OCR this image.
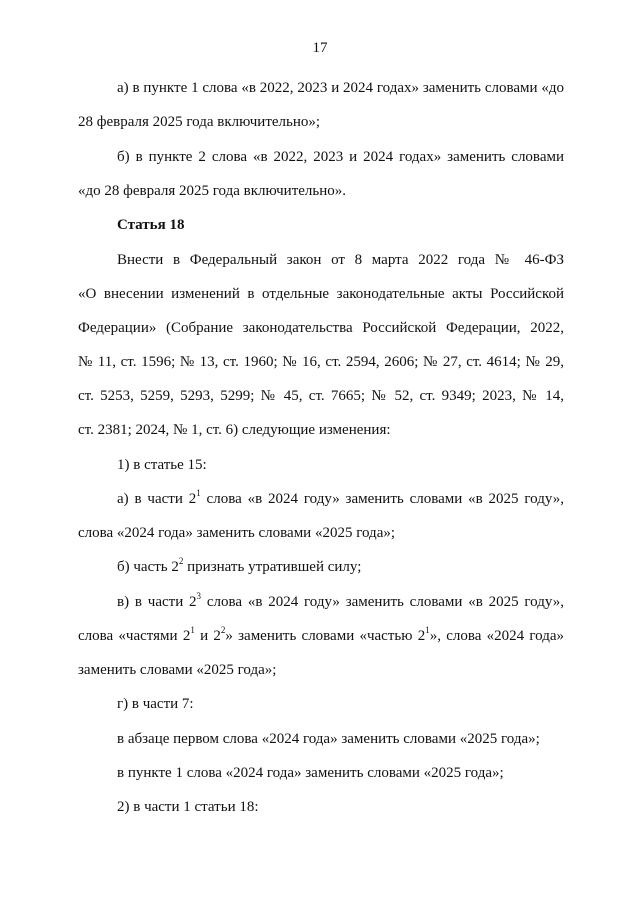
17
а) в пункте 1 слова «в 2022, 2023 и 2024 годах» заменить словами «до
28 февраля 2025 года включительно»;
б) в пункте 2 слова «в 2022, 2023 и 2024 годах» заменить словами
«до 28 февраля 2025 года включительно».
Статья 18
Внести в Федеральный закон от 8 марта 2022 года № 46-ФЗ
«О внесении изменений в отдельные законодательные акты Российской
Федерации» (Собрание законодательства Российской Федерации, 2022,
№ 11, ст. 1596; № 13, ст. 1960; № 16, ст. 2594, 2606; № 27, ст. 4614; № 29,
ст. 5253, 5259, 5293, 5299; № 45, ст. 7665; № 52, ст. 9349; 2023, № 14,
ст. 2381; 2024, № 1, ст. 6) следующие изменения:
1) в статье 15:
а) в части $2^1$ слова «в 2024 году» заменить словами «в 2025 году»,
слова «2024 года» заменить словами «2025 года»;
б) часть $2^2$ признать утратившей силу;
в) в части $2^3$ слова «в 2024 году» заменить словами «в 2025 году»,
слова «частями $2^1$ и $2^2$» заменить словами «частью $2^1$», слова «2024 года»
заменить словами «2025 года»;
г) в части 7:
в абзаце первом слова «2024 года» заменить словами «2025 года»;
в пункте 1 слова «2024 года» заменить словами «2025 года»;
2) в части 1 статьи 18:
